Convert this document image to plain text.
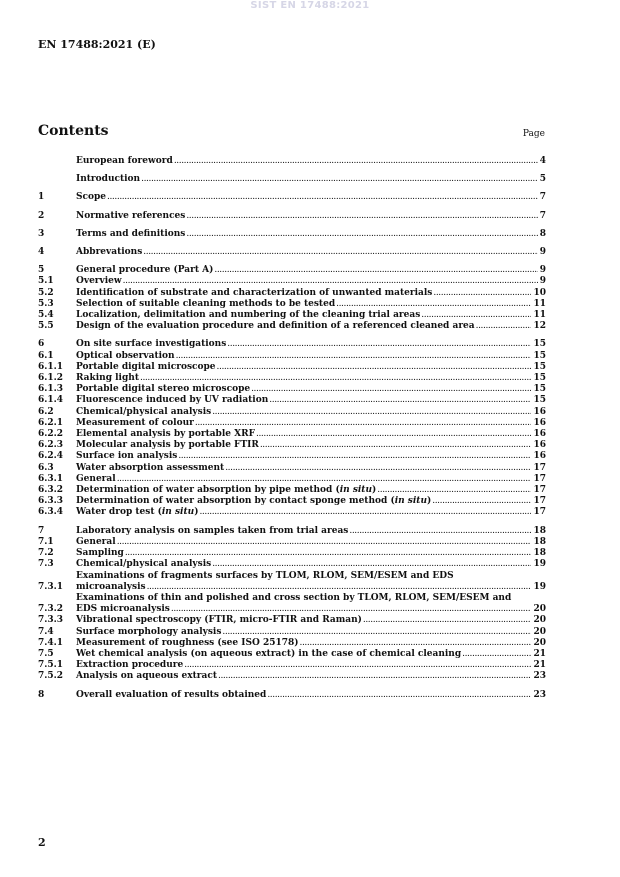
SIST EN 17488:2021
EN 17488:2021 (E)
Contents	Page
European foreword .....	4
Introduction .....	5
1	Scope .....	7
2	Normative references .....	7
3	Terms and definitions .....	8
4	Abbrevations .....	9
5	General procedure (Part A) .....	9
5.1	Overview .....	9
5.2	Identification of substrate and characterization of unwanted materials .....	10
5.3	Selection of suitable cleaning methods to be tested .....	11
5.4	Localization, delimitation and numbering of the cleaning trial areas .....	11
5.5	Design of the evaluation procedure and definition of a referenced cleaned area .....	12
6	On site surface investigations .....	15
6.1	Optical observation .....	15
6.1.1	Portable digital microscope .....	15
6.1.2	Raking light .....	15
6.1.3	Portable digital stereo microscope .....	15
6.1.4	Fluorescence induced by UV radiation .....	15
6.2	Chemical/physical analysis .....	16
6.2.1	Measurement of colour .....	16
6.2.2	Elemental analysis by portable XRF .....	16
6.2.3	Molecular analysis by portable FTIR .....	16
6.2.4	Surface ion analysis .....	16
6.3	Water absorption assessment .....	17
6.3.1	General .....	17
6.3.2	Determination of water absorption by pipe method (in situ) .....	17
6.3.3	Determination of water absorption by contact sponge method (in situ) .....	17
6.3.4	Water drop test (in situ) .....	17
7	Laboratory analysis on samples taken from trial areas .....	18
7.1	General .....	18
7.2	Sampling .....	18
7.3	Chemical/physical analysis .....	19
7.3.1
Examinations of fragments surfaces by TLOM, RLOM, SEM/ESEM and EDS
microanalysis .....	19
7.3.2
Examinations of thin and polished and cross section by TLOM, RLOM, SEM/ESEM and
EDS microanalysis .....	20
7.3.3	Vibrational spectroscopy (FTIR, micro-FTIR and Raman) .....	20
7.4	Surface morphology analysis .....	20
7.4.1	Measurement of roughness (see ISO 25178) .....	20
7.5	Wet chemical analysis (on aqueous extract) in the case of chemical cleaning .....	21
7.5.1	Extraction procedure .....	21
7.5.2	Analysis on aqueous extract .....	23
8	Overall evaluation of results obtained .....	23
2
